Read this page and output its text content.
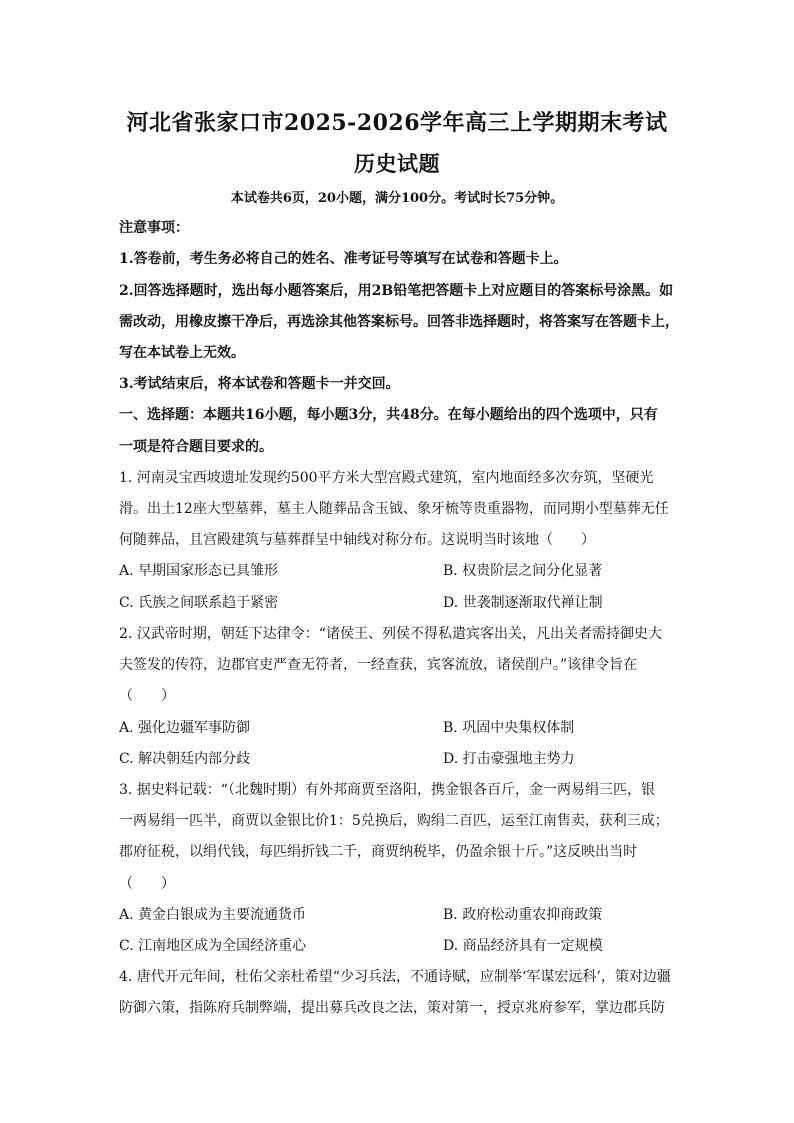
河北省张家口市2025-2026学年高三上学期期末考试
历史试题
本试卷共6页，20小题，满分100分。考试时长75分钟。
注意事项：
1.答卷前，考生务必将自己的姓名、准考证号等填写在试卷和答题卡上。
2.回答选择题时，选出每小题答案后，用2B铅笔把答题卡上对应题目的答案标号涂黑。如
需改动，用橡皮擦干净后，再选涂其他答案标号。回答非选择题时，将答案写在答题卡上，
写在本试卷上无效。
3.考试结束后，将本试卷和答题卡一并交回。
一、选择题：本题共16小题，每小题3分，共48分。在每小题给出的四个选项中，只有
一项是符合题目要求的。
1. 河南灵宝西坡遗址发现约500平方米大型宫殿式建筑，室内地面经多次夯筑，坚硬光
滑。出土12座大型墓葬，墓主人随葬品含玉钺、象牙梳等贵重器物，而同期小型墓葬无任
何随葬品，且宫殿建筑与墓葬群呈中轴线对称分布。这说明当时该地（　　）
A. 早期国家形态已具雏形	B. 权贵阶层之间分化显著
C. 氏族之间联系趋于紧密	D. 世袭制逐渐取代禅让制
2. 汉武帝时期，朝廷下达律令：“诸侯王、列侯不得私遣宾客出关，凡出关者需持御史大
夫签发的传符，边郡官吏严查无符者，一经查获，宾客流放，诸侯削户。”该律令旨在
（　　）
A. 强化边疆军事防御	B. 巩固中央集权体制
C. 解决朝廷内部分歧	D. 打击豪强地主势力
3. 据史料记载：“（北魏时期）有外邦商贾至洛阳，携金银各百斤，金一两易绢三匹，银
一两易绢一匹半，商贾以金银比价1：5兑换后，购绢二百匹，运至江南售卖，获利三成；
郡府征税，以绢代钱，每匹绢折钱二千，商贾纳税毕，仍盈余银十斤。”这反映出当时
（　　）
A. 黄金白银成为主要流通货币	B. 政府松动重农抑商政策
C. 江南地区成为全国经济重心	D. 商品经济具有一定规模
4. 唐代开元年间，杜佑父亲杜希望“少习兵法，不通诗赋，应制举‘军谋宏远科’，策对边疆
防御六策，指陈府兵制弊端，提出募兵改良之法，策对第一，授京兆府参军，掌边郡兵防
